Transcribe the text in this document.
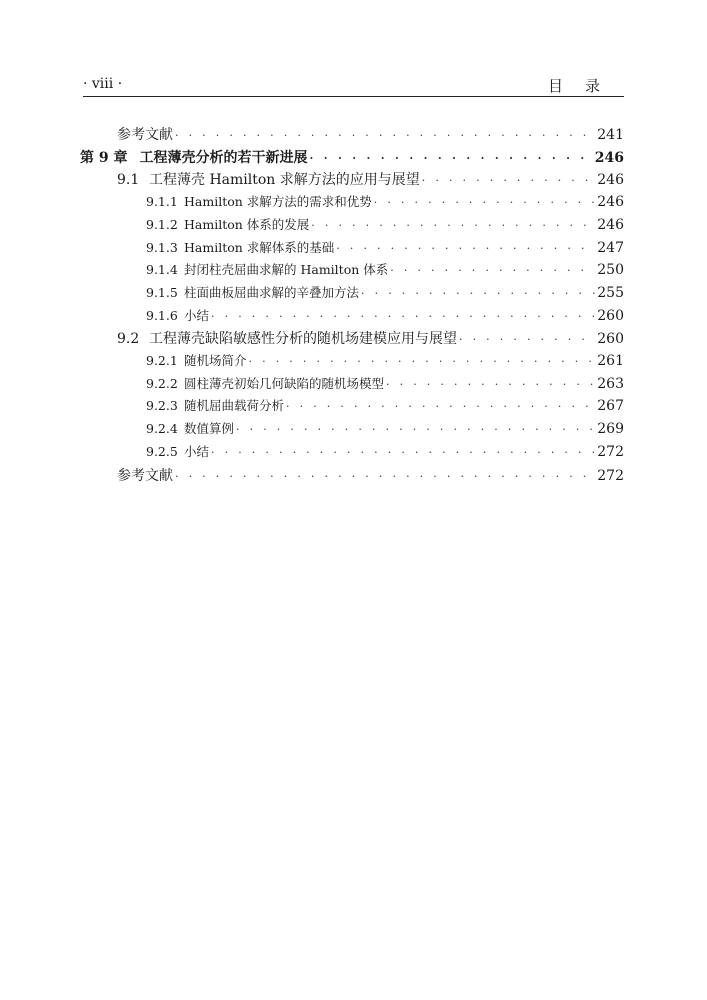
· viii ·	目录
参考文献 · · ·	241
第 9 章 工程薄壳分析的若干新进展 · · ·	246
9.1 工程薄壳 Hamilton 求解方法的应用与展望 · · ·	246
9.1.1 Hamilton 求解方法的需求和优势 · · ·	246
9.1.2 Hamilton 体系的发展 · · ·	246
9.1.3 Hamilton 求解体系的基础 · · ·	247
9.1.4 封闭柱壳屈曲求解的 Hamilton 体系 · · ·	250
9.1.5 柱面曲板屈曲求解的辛叠加方法 · · ·	255
9.1.6 小结 · · ·	260
9.2 工程薄壳缺陷敏感性分析的随机场建模应用与展望 · · ·	260
9.2.1 随机场简介 · · ·	261
9.2.2 圆柱薄壳初始几何缺陷的随机场模型 · · ·	263
9.2.3 随机屈曲载荷分析 · · ·	267
9.2.4 数值算例 · · ·	269
9.2.5 小结 · · ·	272
参考文献 · · ·	272
